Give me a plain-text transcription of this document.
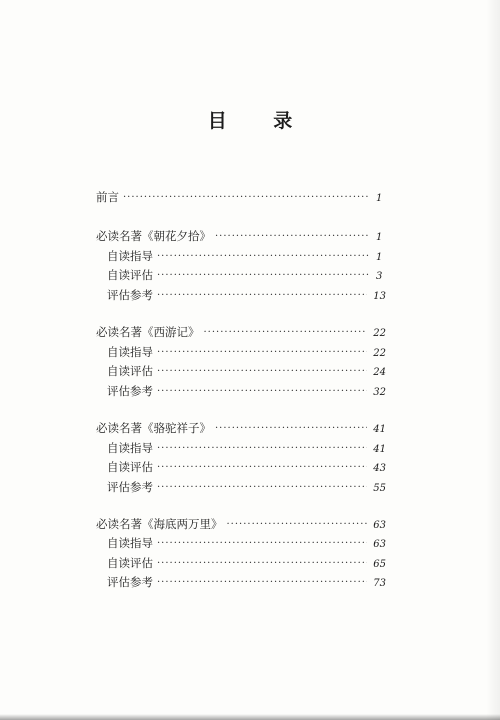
目 录
前言 ·····	1
必读名著《朝花夕拾》 ·····	1
自读指导 ·····	1
自读评估 ·····	3
评估参考 ·····	13
必读名著《西游记》 ·····	22
自读指导 ·····	22
自读评估 ·····	24
评估参考 ·····	32
必读名著《骆驼祥子》 ·····	41
自读指导 ·····	41
自读评估 ·····	43
评估参考 ·····	55
必读名著《海底两万里》 ·····	63
自读指导 ·····	63
自读评估 ·····	65
评估参考 ·····	73
